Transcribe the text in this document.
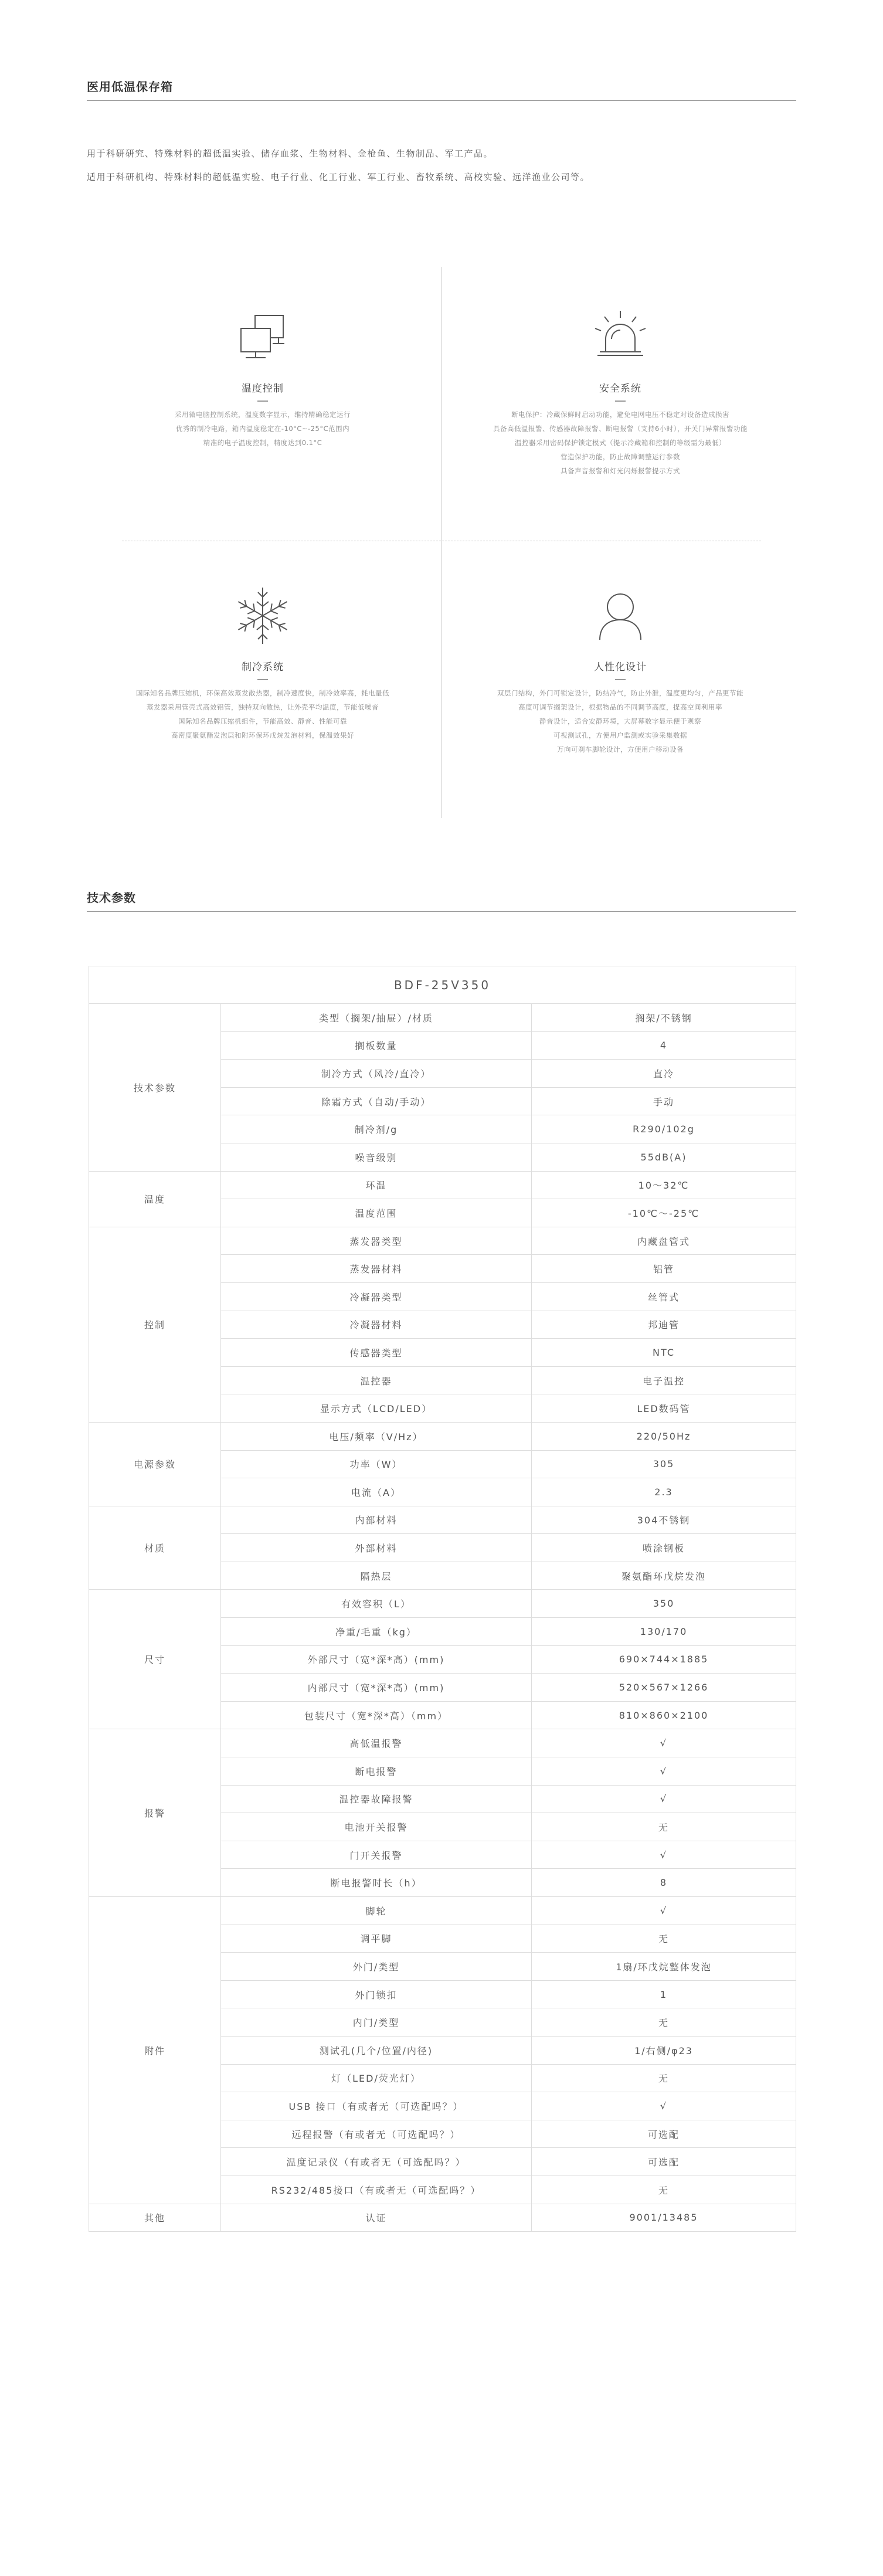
医用低温保存箱

用于科研研究、特殊材料的超低温实验、储存血浆、生物材料、金枪鱼、生物制品、军工产品。

适用于科研机构、特殊材料的超低温实验、电子行业、化工行业、军工行业、畜牧系统、高校实验、远洋渔业公司等。

温度控制
采用微电脑控制系统，温度数字显示，维持精确稳定运行
优秀的制冷电路，箱内温度稳定在-10°C~-25°C范围内
精准的电子温度控制，精度达到0.1°C
安全系统
断电保护：冷藏保鲜时启动功能，避免电网电压不稳定对设备造成损害
具备高低温报警、传感器故障报警、断电报警（支持6小时），开关门异常报警功能
温控器采用密码保护锁定模式（提示冷藏箱和控制的等级需为最低）
营造保护功能，防止故障调整运行参数
具备声音报警和灯光闪烁报警提示方式
制冷系统
国际知名品牌压缩机，环保高效蒸发散热器，制冷速度快，制冷效率高，耗电量低
蒸发器采用管壳式高效铝管，独特双向散热，让外壳平均温度，节能低噪音
国际知名品牌压缩机组件，节能高效、静音、性能可靠
高密度聚氨酯发泡层和附环保环戊烷发泡材料，保温效果好
人性化设计
双层门结构，外门可锁定设计，防结冷气，防止外泄，温度更均匀，产品更节能
高度可调节搁架设计，根据物品的不同调节高度，提高空间利用率
静音设计，适合安静环境，大屏幕数字显示便于观察
可视测试孔，方便用户监测或实验采集数据
万向可刹车脚轮设计，方便用户移动设备
技术参数
BDF-25V350		
技术参数	类型（搁架/抽屉）/材质	搁架/不锈钢
	搁板数量	4
	制冷方式（风冷/直冷）	直冷
	除霜方式（自动/手动）	手动
	制冷剂/g	R290/102g
	噪音级别	55dB(A)
温度	环温	10～32℃
	温度范围	-10℃～-25℃
控制	蒸发器类型	内藏盘管式
	蒸发器材料	铝管
	冷凝器类型	丝管式
	冷凝器材料	邦迪管
	传感器类型	NTC
	温控器	电子温控
	显示方式（LCD/LED）	LED数码管
电源参数	电压/频率（V/Hz）	220/50Hz
	功率（W）	305
	电流（A）	2.3
材质	内部材料	304不锈钢
	外部材料	喷涂钢板
	隔热层	聚氨酯环戊烷发泡
尺寸	有效容积（L）	350
	净重/毛重（kg）	130/170
	外部尺寸（宽*深*高）(mm)	690×744×1885
	内部尺寸（宽*深*高）(mm)	520×567×1266
	包装尺寸（宽*深*高）（mm）	810×860×2100
报警	高低温报警	√
	断电报警	√
	温控器故障报警	√
	电池开关报警	无
	门开关报警	√
	断电报警时长（h）	8
附件	脚轮	√
	调平脚	无
	外门/类型	1扇/环戊烷整体发泡
	外门锁扣	1
	内门/类型	无
	测试孔(几个/位置/内径)	1/右侧/φ23
	灯（LED/荧光灯）	无
	USB 接口（有或者无（可选配吗？）	√
	远程报警（有或者无（可选配吗？）	可选配
	温度记录仪（有或者无（可选配吗？）	可选配
	RS232/485接口（有或者无（可选配吗？）	无
其他	认证	9001/13485
